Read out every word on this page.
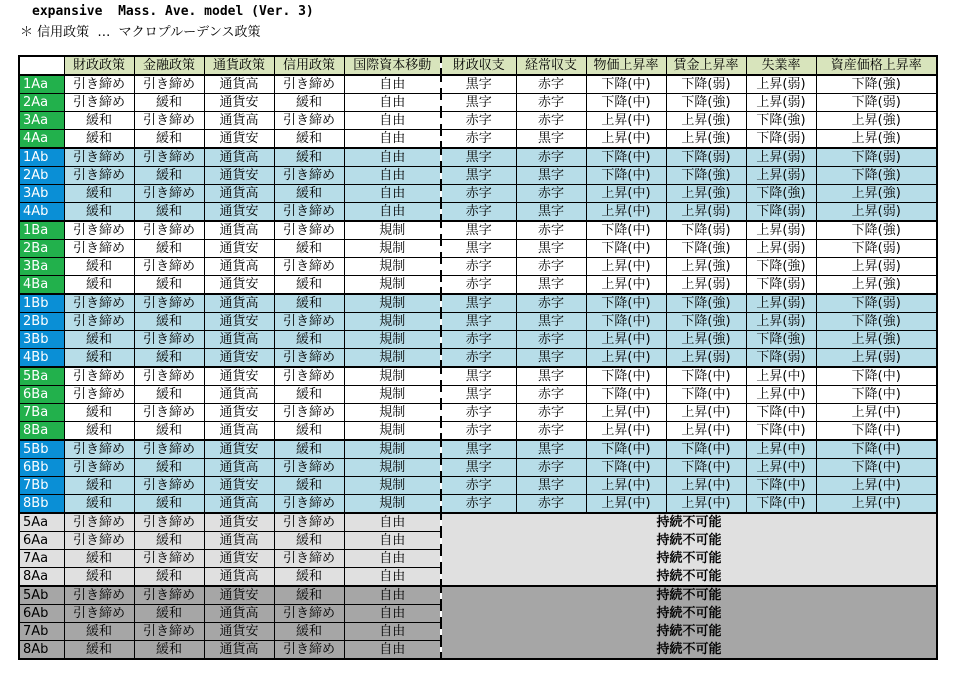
expansive  Mass. Ave. model (Ver. 3)
＊ 信用政策  …  マクロプルーデンス政策
	財政政策	金融政策	通貨政策	信用政策	国際資本移動	財政収支	経常収支	物価上昇率	賃金上昇率	失業率	資産価格上昇率
1Aa	引き締め	引き締め	通貨高	引き締め	自由	黒字	赤字	下降(中)	下降(弱)	上昇(弱)	下降(強)
2Aa	引き締め	緩和	通貨安	緩和	自由	黒字	赤字	下降(中)	下降(強)	上昇(弱)	下降(弱)
3Aa	緩和	引き締め	通貨高	引き締め	自由	赤字	赤字	上昇(中)	上昇(強)	下降(強)	上昇(強)
4Aa	緩和	緩和	通貨安	緩和	自由	赤字	黒字	上昇(中)	上昇(強)	下降(弱)	上昇(強)
1Ab	引き締め	引き締め	通貨高	緩和	自由	黒字	赤字	下降(中)	下降(弱)	上昇(弱)	下降(弱)
2Ab	引き締め	緩和	通貨安	引き締め	自由	黒字	黒字	下降(中)	下降(強)	上昇(弱)	下降(強)
3Ab	緩和	引き締め	通貨高	緩和	自由	赤字	赤字	上昇(中)	上昇(強)	下降(強)	上昇(強)
4Ab	緩和	緩和	通貨安	引き締め	自由	赤字	黒字	上昇(中)	上昇(弱)	下降(弱)	上昇(弱)
1Ba	引き締め	引き締め	通貨高	引き締め	規制	黒字	赤字	下降(中)	下降(弱)	上昇(弱)	下降(強)
2Ba	引き締め	緩和	通貨安	緩和	規制	黒字	黒字	下降(中)	下降(強)	上昇(弱)	下降(弱)
3Ba	緩和	引き締め	通貨高	引き締め	規制	赤字	赤字	上昇(中)	上昇(強)	下降(強)	上昇(弱)
4Ba	緩和	緩和	通貨安	緩和	規制	赤字	黒字	上昇(中)	上昇(弱)	下降(弱)	上昇(強)
1Bb	引き締め	引き締め	通貨高	緩和	規制	黒字	赤字	下降(中)	下降(強)	上昇(弱)	下降(弱)
2Bb	引き締め	緩和	通貨安	引き締め	規制	黒字	黒字	下降(中)	下降(強)	上昇(弱)	下降(強)
3Bb	緩和	引き締め	通貨高	緩和	規制	赤字	赤字	上昇(中)	上昇(強)	下降(強)	上昇(強)
4Bb	緩和	緩和	通貨安	引き締め	規制	赤字	黒字	上昇(中)	上昇(弱)	下降(弱)	上昇(弱)
5Ba	引き締め	引き締め	通貨安	引き締め	規制	黒字	黒字	下降(中)	下降(中)	上昇(中)	下降(中)
6Ba	引き締め	緩和	通貨高	緩和	規制	黒字	赤字	下降(中)	下降(中)	上昇(中)	下降(中)
7Ba	緩和	引き締め	通貨安	引き締め	規制	赤字	赤字	上昇(中)	上昇(中)	下降(中)	上昇(中)
8Ba	緩和	緩和	通貨高	緩和	規制	赤字	赤字	上昇(中)	上昇(中)	下降(中)	下降(中)
5Bb	引き締め	引き締め	通貨安	緩和	規制	黒字	黒字	下降(中)	下降(中)	上昇(中)	下降(中)
6Bb	引き締め	緩和	通貨高	引き締め	規制	黒字	赤字	下降(中)	下降(中)	上昇(中)	下降(中)
7Bb	緩和	引き締め	通貨安	緩和	規制	赤字	黒字	上昇(中)	上昇(中)	下降(中)	上昇(中)
8Bb	緩和	緩和	通貨高	引き締め	規制	赤字	赤字	上昇(中)	上昇(中)	下降(中)	上昇(中)
5Aa	引き締め	引き締め	通貨安	引き締め	自由	持続不可能					
6Aa	引き締め	緩和	通貨高	緩和	自由	持続不可能					
7Aa	緩和	引き締め	通貨安	引き締め	自由	持続不可能					
8Aa	緩和	緩和	通貨高	緩和	自由	持続不可能					
5Ab	引き締め	引き締め	通貨安	緩和	自由	持続不可能					
6Ab	引き締め	緩和	通貨高	引き締め	自由	持続不可能					
7Ab	緩和	引き締め	通貨安	緩和	自由	持続不可能					
8Ab	緩和	緩和	通貨高	引き締め	自由	持続不可能					
